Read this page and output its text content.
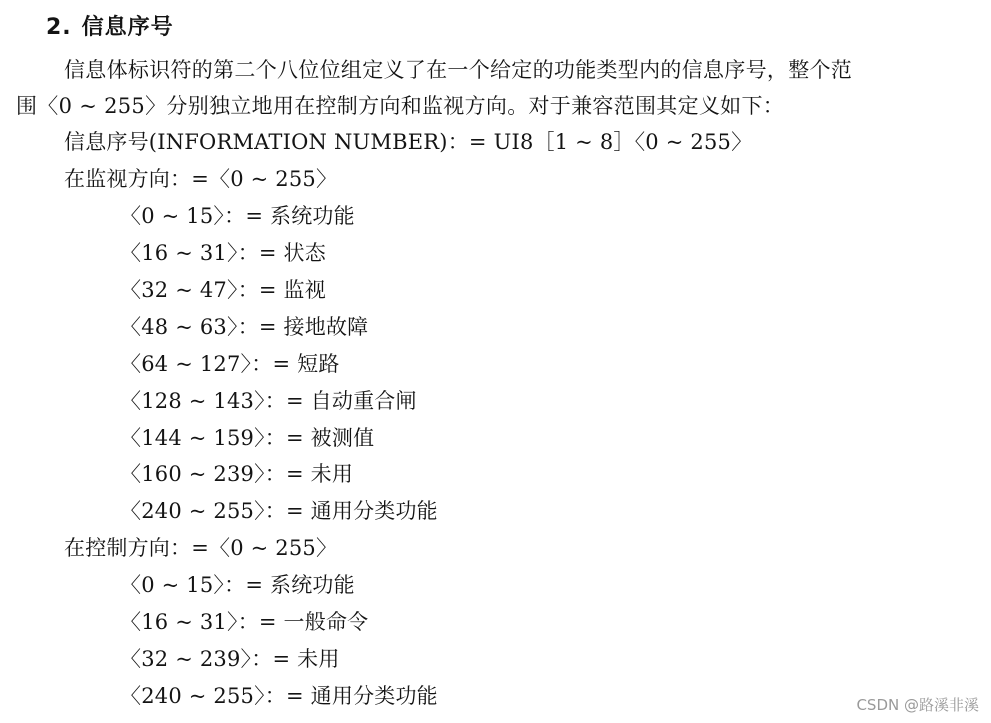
2. 信息序号
信息体标识符的第二个八位位组定义了在一个给定的功能类型内的信息序号，整个范
围〈0 ~ 255〉分别独立地用在控制方向和监视方向。对于兼容范围其定义如下：
信息序号(INFORMATION NUMBER)：= UI8［1 ~ 8］〈0 ~ 255〉
在监视方向：=〈0 ~ 255〉
〈0 ~ 15〉：= 系统功能
〈16 ~ 31〉：= 状态
〈32 ~ 47〉：= 监视
〈48 ~ 63〉：= 接地故障
〈64 ~ 127〉：= 短路
〈128 ~ 143〉：= 自动重合闸
〈144 ~ 159〉：= 被测值
〈160 ~ 239〉：= 未用
〈240 ~ 255〉：= 通用分类功能
在控制方向：=〈0 ~ 255〉
〈0 ~ 15〉：= 系统功能
〈16 ~ 31〉：= 一般命令
〈32 ~ 239〉：= 未用
〈240 ~ 255〉：= 通用分类功能	CSDN @路溪非溪
